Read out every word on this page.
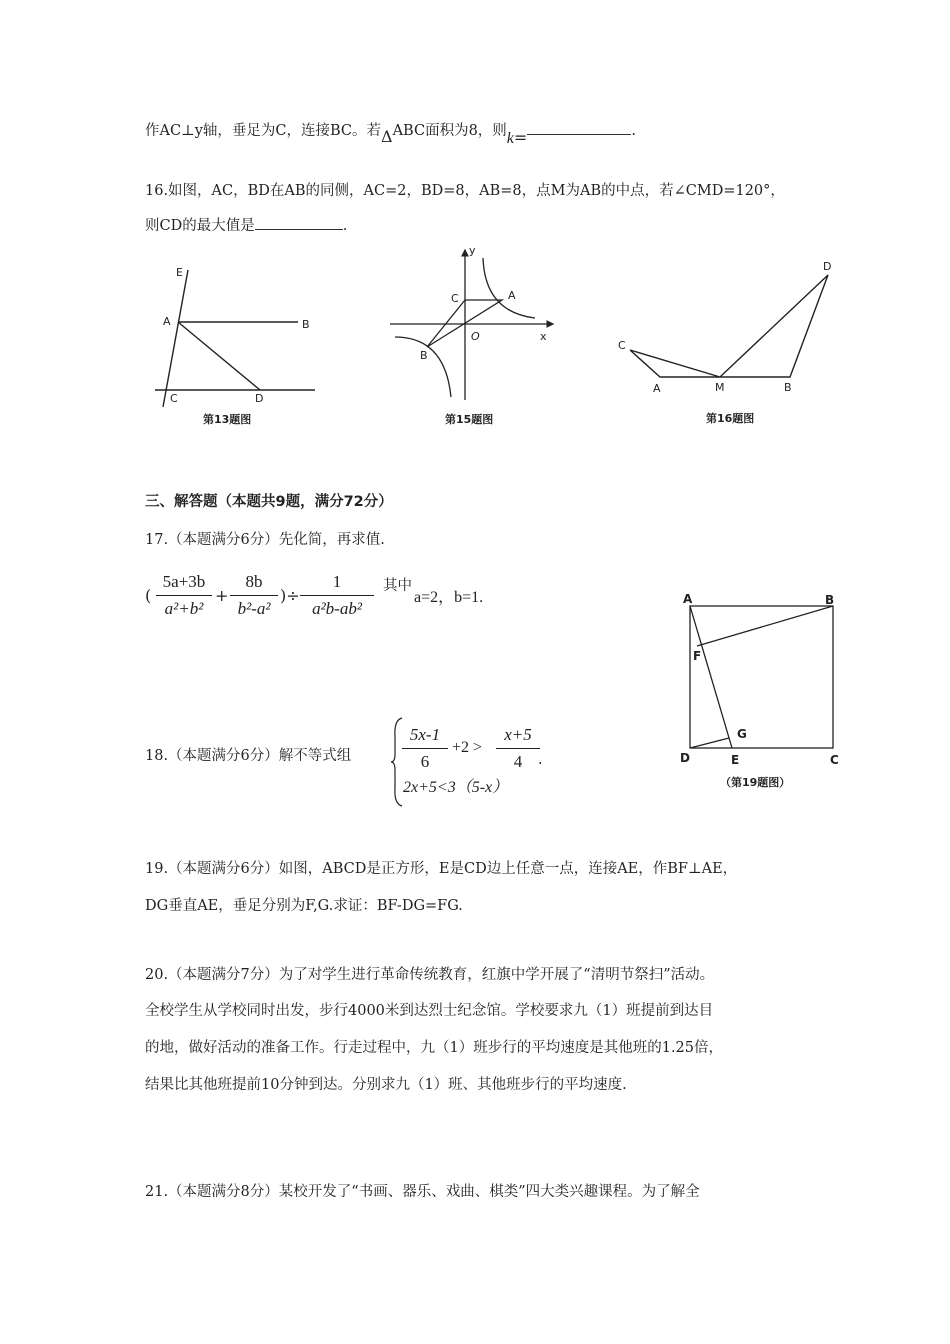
作AC⊥y轴，垂足为C，连接BC。若ΔABC面积为8，则k=	.
16.如图，AC，BD在AB的同侧，AC=2，BD=8，AB=8，点M为AB的中点，若∠CMD=120°，
则CD的最大值是	.
E
A	B
C	D
第13题图
y
C	A
O	x
B
第15题图
D
C
A	M	B
第16题图
三、解答题（本题共9题，满分72分）
17.（本题满分6分）先化简，再求值.
(
5a+3b
a²+b²
+
8b
b²-a²
)÷
1
a²b-ab²
其中
a=2，b=1.	A	B
F
G
D	E	C
（第19题图）
18.（本题满分6分）解不等式组
5x-1
6
+2 >
x+5
4	.
2x+5<3（5-x）
19.（本题满分6分）如图，ABCD是正方形，E是CD边上任意一点，连接AE，作BF⊥AE，
DG垂直AE，垂足分别为F,G.求证：BF-DG=FG.
20.（本题满分7分）为了对学生进行革命传统教育，红旗中学开展了“清明节祭扫”活动。
全校学生从学校同时出发，步行4000米到达烈士纪念馆。学校要求九（1）班提前到达目
的地，做好活动的准备工作。行走过程中，九（1）班步行的平均速度是其他班的1.25倍，
结果比其他班提前10分钟到达。分别求九（1）班、其他班步行的平均速度.
21.（本题满分8分）某校开发了“书画、器乐、戏曲、棋类”四大类兴趣课程。为了解全
